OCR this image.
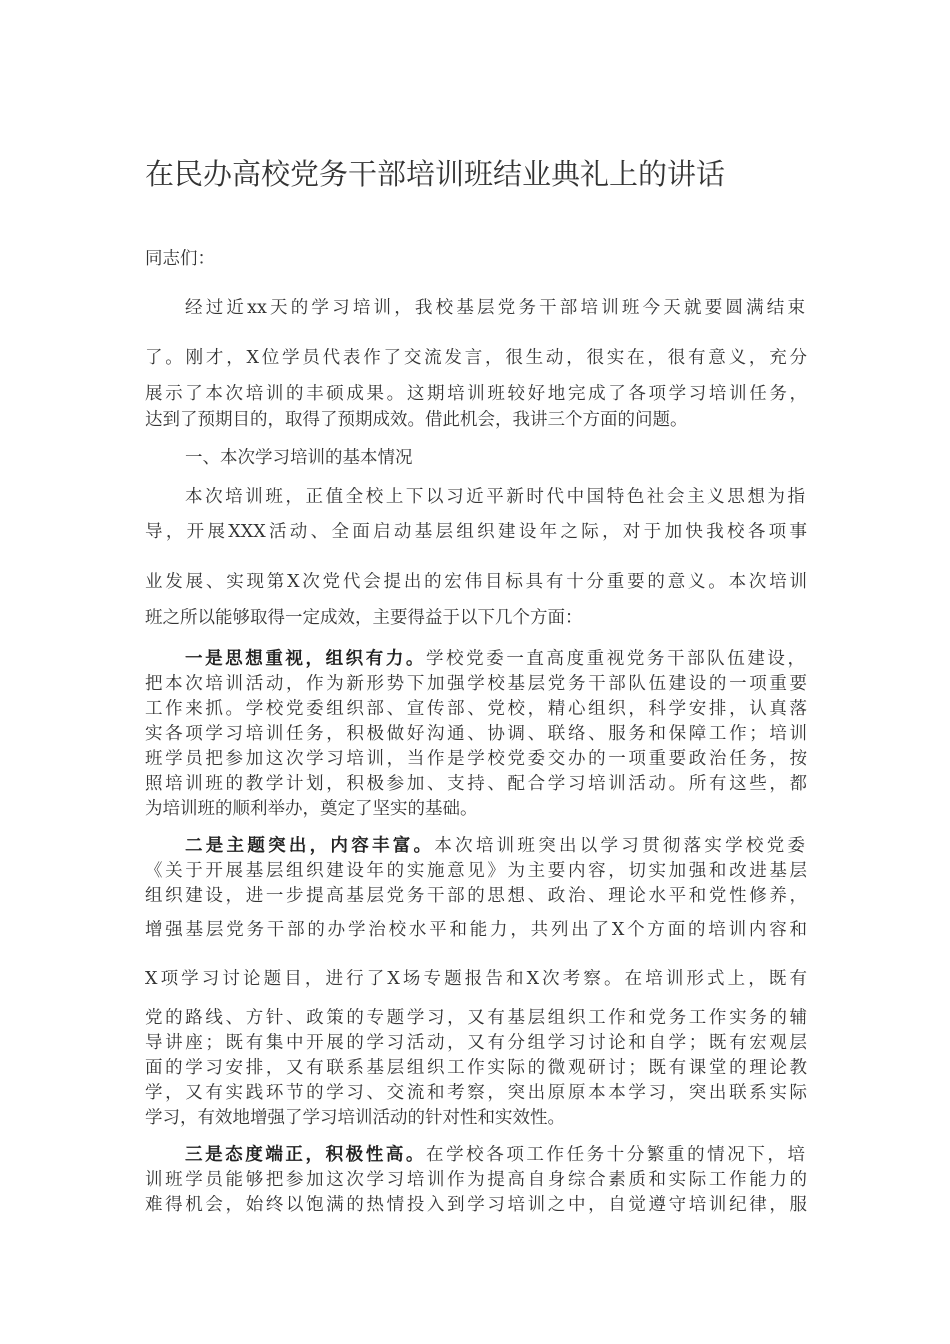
在民办高校党务干部培训班结业典礼上的讲话
同志们：
经过近xx天的学习培训，我校基层党务干部培训班今天就要圆满结束
了。刚才，X位学员代表作了交流发言，很生动，很实在，很有意义，充分
展示了本次培训的丰硕成果。这期培训班较好地完成了各项学习培训任务，
达到了预期目的，取得了预期成效。借此机会，我讲三个方面的问题。
一、本次学习培训的基本情况
本次培训班，正值全校上下以习近平新时代中国特色社会主义思想为指
导，开展XXX活动、全面启动基层组织建设年之际，对于加快我校各项事
业发展、实现第X次党代会提出的宏伟目标具有十分重要的意义。本次培训
班之所以能够取得一定成效，主要得益于以下几个方面：
一是思想重视，组织有力。学校党委一直高度重视党务干部队伍建设，
把本次培训活动，作为新形势下加强学校基层党务干部队伍建设的一项重要
工作来抓。学校党委组织部、宣传部、党校，精心组织，科学安排，认真落
实各项学习培训任务，积极做好沟通、协调、联络、服务和保障工作；培训
班学员把参加这次学习培训，当作是学校党委交办的一项重要政治任务，按
照培训班的教学计划，积极参加、支持、配合学习培训活动。所有这些，都
为培训班的顺利举办，奠定了坚实的基础。
二是主题突出，内容丰富。本次培训班突出以学习贯彻落实学校党委
《关于开展基层组织建设年的实施意见》为主要内容，切实加强和改进基层
组织建设，进一步提高基层党务干部的思想、政治、理论水平和党性修养，
增强基层党务干部的办学治校水平和能力，共列出了X个方面的培训内容和
X项学习讨论题目，进行了X场专题报告和X次考察。在培训形式上，既有
党的路线、方针、政策的专题学习，又有基层组织工作和党务工作实务的辅
导讲座；既有集中开展的学习活动，又有分组学习讨论和自学；既有宏观层
面的学习安排，又有联系基层组织工作实际的微观研讨；既有课堂的理论教
学，又有实践环节的学习、交流和考察，突出原原本本学习，突出联系实际
学习，有效地增强了学习培训活动的针对性和实效性。
三是态度端正，积极性高。在学校各项工作任务十分繁重的情况下，培
训班学员能够把参加这次学习培训作为提高自身综合素质和实际工作能力的
难得机会，始终以饱满的热情投入到学习培训之中，自觉遵守培训纪律，服
